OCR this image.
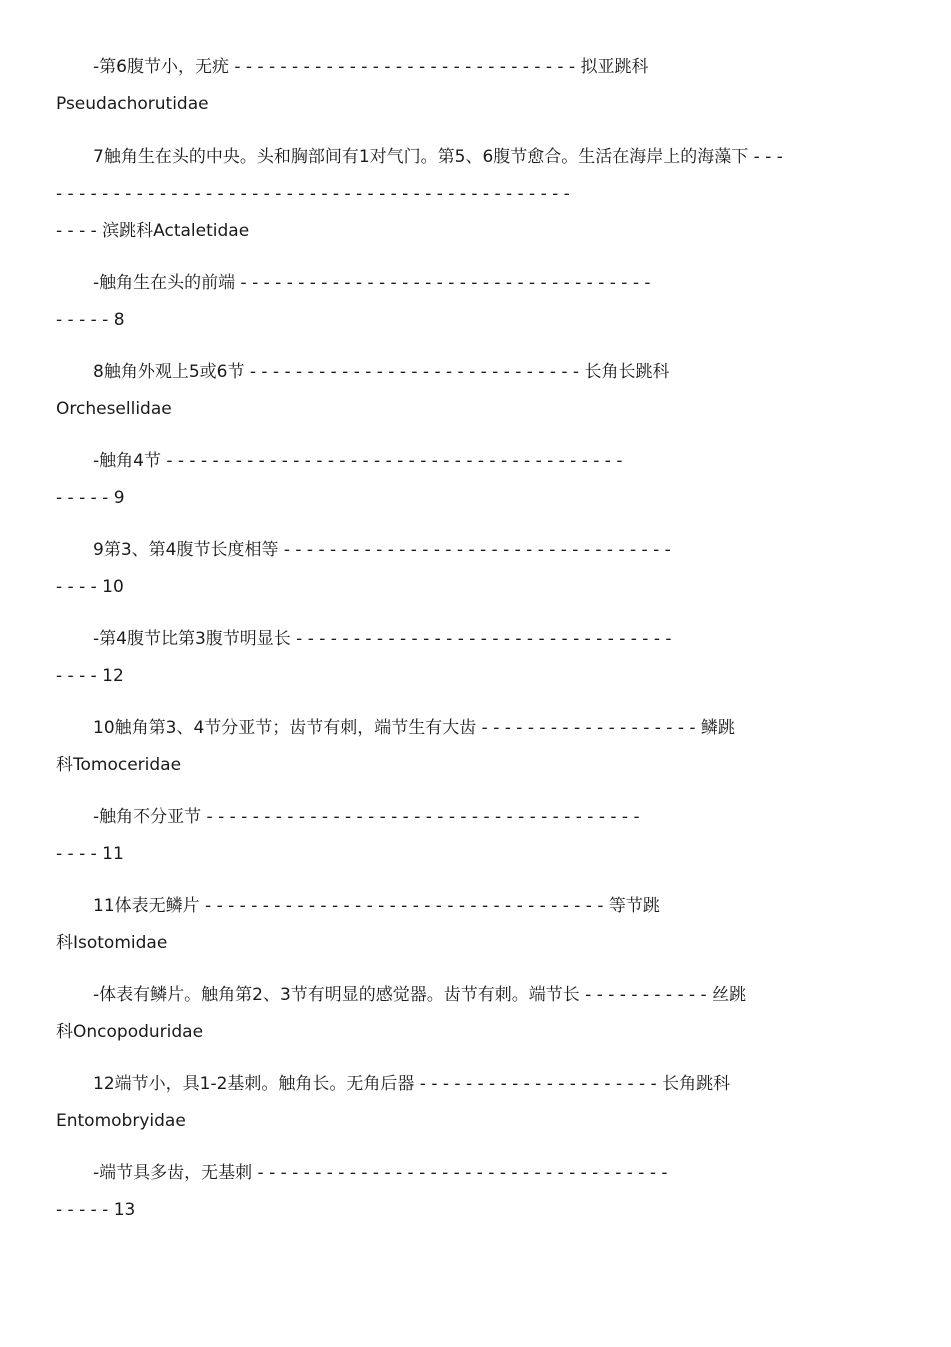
-第6腹节小，无疣 - - - - - - - - - - - - - - - - - - - - - - - - - - - - - - 拟亚跳科
Pseudachorutidae
7触角生在头的中央。头和胸部间有1对气门。第5、6腹节愈合。生活在海岸上的海藻下 - - -
- - - - - - - - - - - - - - - - - - - - - - - - - - - - - - - - - - - - - - - - - - - - -
- - - - 滨跳科Actaletidae
-触角生在头的前端 - - - - - - - - - - - - - - - - - - - - - - - - - - - - - - - - - - - -
- - - - - 8
8触角外观上5或6节 - - - - - - - - - - - - - - - - - - - - - - - - - - - - - 长角长跳科
Orchesellidae
-触角4节 - - - - - - - - - - - - - - - - - - - - - - - - - - - - - - - - - - - - - - - -
- - - - - 9
9第3、第4腹节长度相等 - - - - - - - - - - - - - - - - - - - - - - - - - - - - - - - - - -
- - - - 10
-第4腹节比第3腹节明显长 - - - - - - - - - - - - - - - - - - - - - - - - - - - - - - - - -
- - - - 12
10触角第3、4节分亚节；齿节有刺，端节生有大齿 - - - - - - - - - - - - - - - - - - - 鳞跳
科Tomoceridae
-触角不分亚节 - - - - - - - - - - - - - - - - - - - - - - - - - - - - - - - - - - - - - -
- - - - 11
11体表无鳞片 - - - - - - - - - - - - - - - - - - - - - - - - - - - - - - - - - - - 等节跳
科Isotomidae
-体表有鳞片。触角第2、3节有明显的感觉器。齿节有刺。端节长 - - - - - - - - - - - 丝跳
科Oncopoduridae
12端节小，具1-2基刺。触角长。无角后器 - - - - - - - - - - - - - - - - - - - - - 长角跳科
Entomobryidae
-端节具多齿，无基刺 - - - - - - - - - - - - - - - - - - - - - - - - - - - - - - - - - - - -
- - - - - 13
